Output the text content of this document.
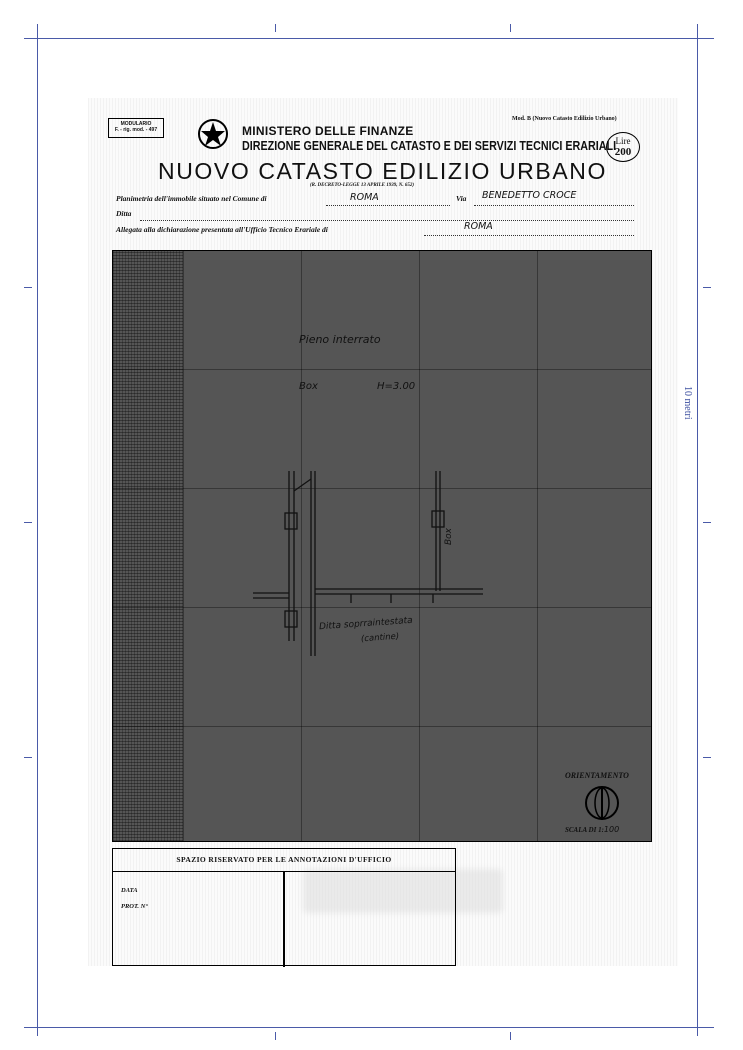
10 metri
MODULARIO
F. - rig. mod. - 497	MINISTERO DELLE FINANZE
DIREZIONE GENERALE DEL CATASTO E DEI SERVIZI TECNICI ERARIALI
Mod. B (Nuovo Catasto Edilizio Urbano)
Lire
200
NUOVO CATASTO EDILIZIO URBANO
(R. DECRETO-LEGGE 13 APRILE 1939, N. 652)
Planimetria dell'immobile situato nel Comune di	ROMA	Via BENEDETTO CROCE
Ditta
Allegata alla dichiarazione presentata all'Ufficio Tecnico Erariale di	ROMA
Pieno interrato
Box	H=3.00
Box
Ditta soprraintestata
(cantine)
ORIENTAMENTO
SCALA DI 1:100
SPAZIO RISERVATO PER LE ANNOTAZIONI D'UFFICIO
DATA
PROT. N°
